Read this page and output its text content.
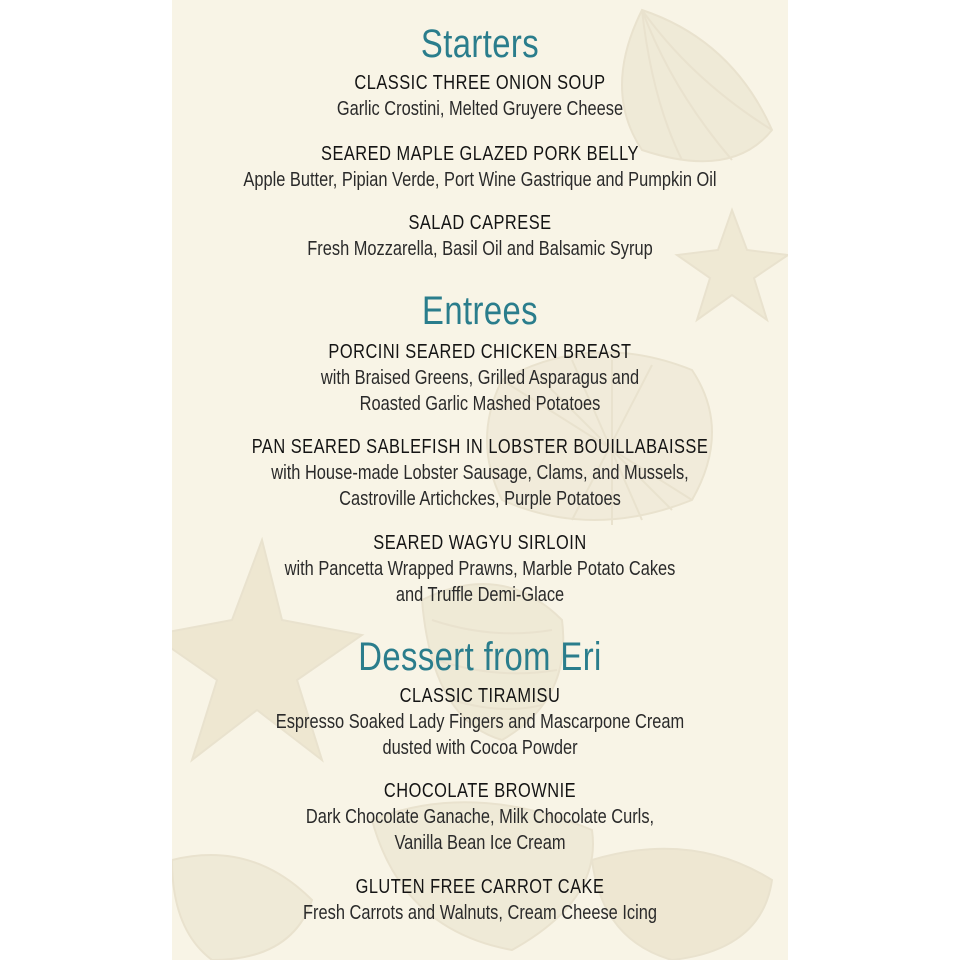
Starters
CLASSIC THREE ONION SOUP
Garlic Crostini, Melted Gruyere Cheese
SEARED MAPLE GLAZED PORK BELLY
Apple Butter, Pipian Verde, Port Wine Gastrique and Pumpkin Oil
SALAD CAPRESE
Fresh Mozzarella, Basil Oil and Balsamic Syrup
Entrees
PORCINI SEARED CHICKEN BREAST
with Braised Greens, Grilled Asparagus and
Roasted Garlic Mashed Potatoes
PAN SEARED SABLEFISH IN LOBSTER BOUILLABAISSE
with House-made Lobster Sausage, Clams, and Mussels,
Castroville Artichckes, Purple Potatoes
SEARED WAGYU SIRLOIN
with Pancetta Wrapped Prawns, Marble Potato Cakes
and Truffle Demi-Glace
Dessert from Eri
CLASSIC TIRAMISU
Espresso Soaked Lady Fingers and Mascarpone Cream
dusted with Cocoa Powder
CHOCOLATE BROWNIE
Dark Chocolate Ganache, Milk Chocolate Curls,
Vanilla Bean Ice Cream
GLUTEN FREE CARROT CAKE
Fresh Carrots and Walnuts, Cream Cheese Icing
